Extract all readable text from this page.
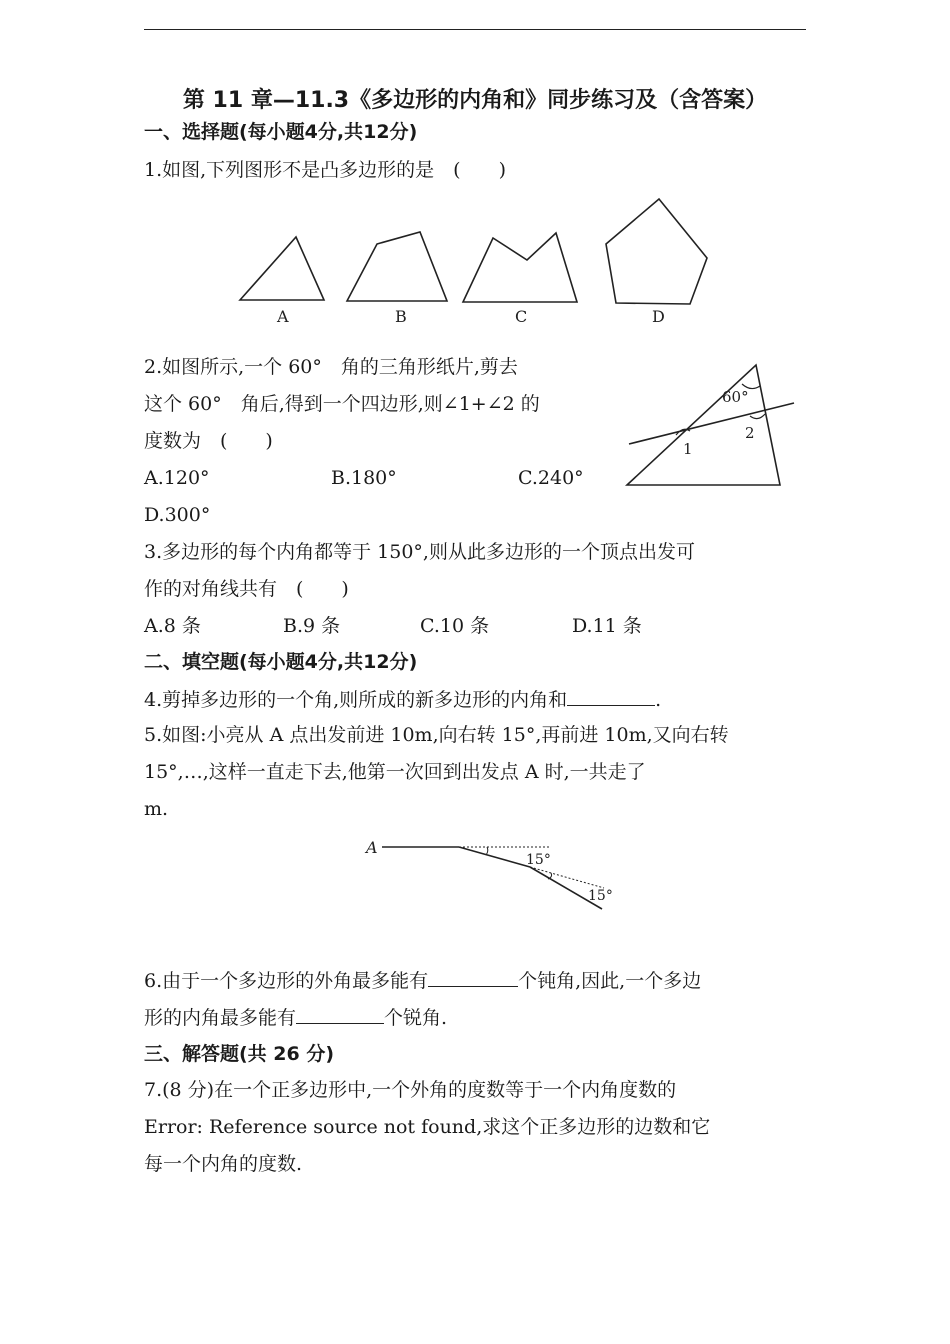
第 11 章—11.3《多边形的内角和》同步练习及（含答案）
一、选择题(每小题4分,共12分)
1.如图,下列图形不是凸多边形的是　(　　)
A	B	C	D
2.如图所示,一个 60°　角的三角形纸片,剪去
这个 60°　角后,得到一个四边形,则∠1+∠2 的
度数为　(　　)
60°
1
2
A.120°	B.180°	C.240°
D.300°
3.多边形的每个内角都等于 150°,则从此多边形的一个顶点出发可
作的对角线共有　(　　)
A.8 条	B.9 条	C.10 条	D.11 条
二、填空题(每小题4分,共12分)
4.剪掉多边形的一个角,则所成的新多边形的内角和	.
5.如图:小亮从 A 点出发前进 10m,向右转 15°,再前进 10m,又向右转
15°,…,这样一直走下去,他第一次回到出发点 A 时,一共走了
m.
A
15°
15°
6.由于一个多边形的外角最多能有	个钝角,因此,一个多边
形的内角最多能有	个锐角.
三、解答题(共 26 分)
7.(8 分)在一个正多边形中,一个外角的度数等于一个内角度数的
Error: Reference source not found,求这个正多边形的边数和它
每一个内角的度数.
